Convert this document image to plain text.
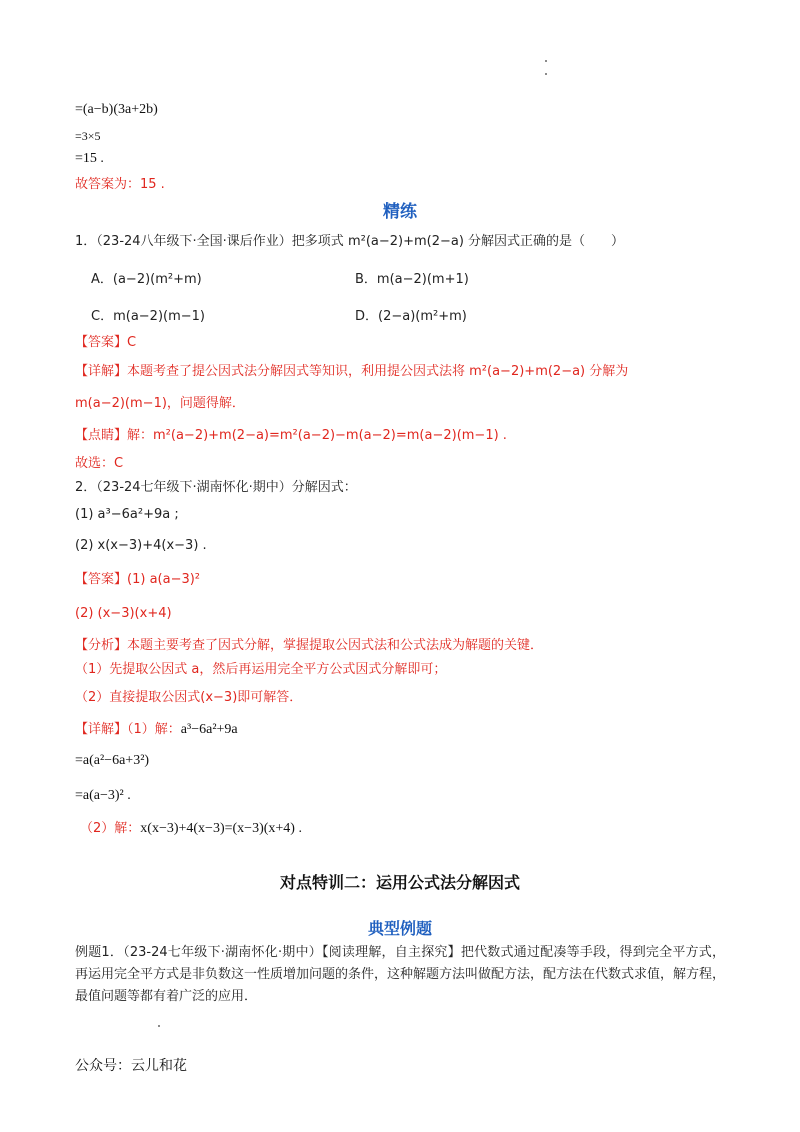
=(a−b)(3a+2b)
=3×5
=15 .
故答案为：15 .
精练
1．（23-24八年级下·全国·课后作业）把多项式 m²(a−2)+m(2−a) 分解因式正确的是（　　）
A．(a−2)(m²+m)	B．m(a−2)(m+1)
C．m(a−2)(m−1)	D．(2−a)(m²+m)
【答案】C
【详解】本题考查了提公因式法分解因式等知识，利用提公因式法将 m²(a−2)+m(2−a) 分解为
m(a−2)(m−1)，问题得解．
【点睛】解：m²(a−2)+m(2−a)=m²(a−2)−m(a−2)=m(a−2)(m−1) .
故选：C
2．（23-24七年级下·湖南怀化·期中）分解因式：
(1) a³−6a²+9a ;
(2) x(x−3)+4(x−3) .
【答案】(1) a(a−3)²
(2) (x−3)(x+4)
【分析】本题主要考查了因式分解，掌握提取公因式法和公式法成为解题的关键．
（1）先提取公因式 a，然后再运用完全平方公式因式分解即可；
（2）直接提取公因式(x−3)即可解答．
【详解】（1）解：a³−6a²+9a
=a(a²−6a+3²)
=a(a−3)² .
（2）解：x(x−3)+4(x−3)=(x−3)(x+4) .
对点特训二：运用公式法分解因式
典型例题
例题1．（23-24七年级下·湖南怀化·期中）【阅读理解，自主探究】把代数式通过配凑等手段，得到完全平方式，再运用完全平方式是非负数这一性质增加问题的条件，这种解题方法叫做配方法，配方法在代数式求值，解方程，最值问题等都有着广泛的应用．
公众号：云儿和花
